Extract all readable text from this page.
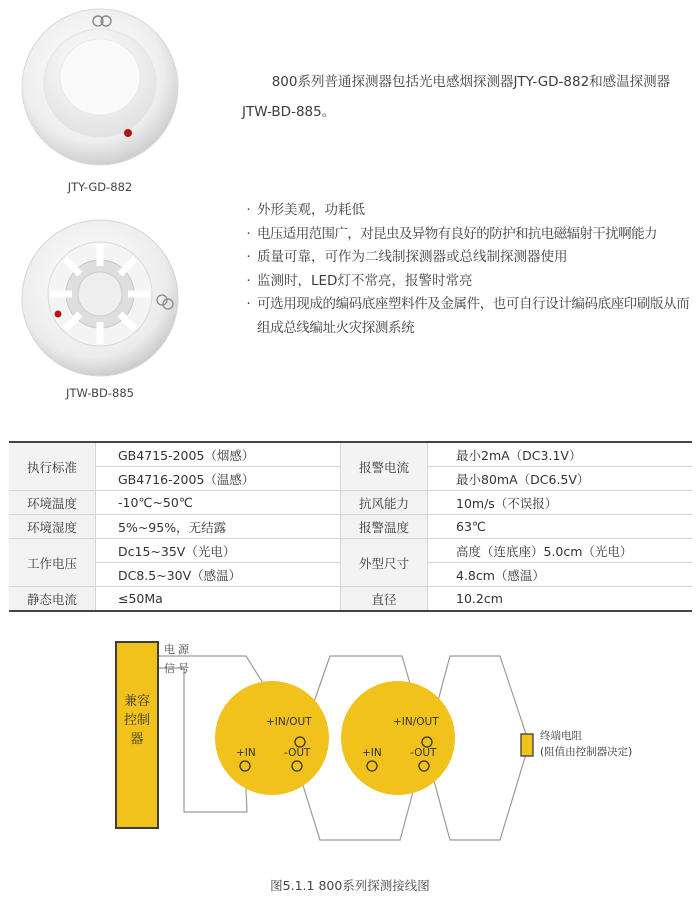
JTY-GD-882
JTW-BD-885
800系列普通探测器包括光电感烟探测器JTY-GD-882和感温探测器JTW-BD-885。
· 外形美观，功耗低
· 电压适用范围广，对昆虫及异物有良好的防护和抗电磁辐射干扰啊能力
· 质量可靠，可作为二线制探测器或总线制探测器使用
· 监测时，LED灯不常亮，报警时常亮
· 可选用现成的编码底座塑料件及金属件，也可自行设计编码底座印刷版从而组成总线编址火灾探测系统
执行标准	GB4715-2005（烟感）	报警电流	最小2mA（DC3.1V）
	GB4716-2005（温感）		最小80mA（DC6.5V）
环境温度	-10℃~50℃	抗风能力	10m/s（不误报）
环境湿度	5%~95%，无结露	报警温度	63℃
工作电压	Dc15~35V（光电）	外型尺寸	高度（连底座）5.0cm（光电）
	DC8.5~30V（感温）		4.8cm（感温）
静态电流	≤50Ma	直径	10.2cm
电源
信号
兼容控制器
+IN/OUT
+IN	-OUT
+IN/OUT
+IN	-OUT
终端电阻
(阻值由控制器决定)
图5.1.1 800系列探测接线图
